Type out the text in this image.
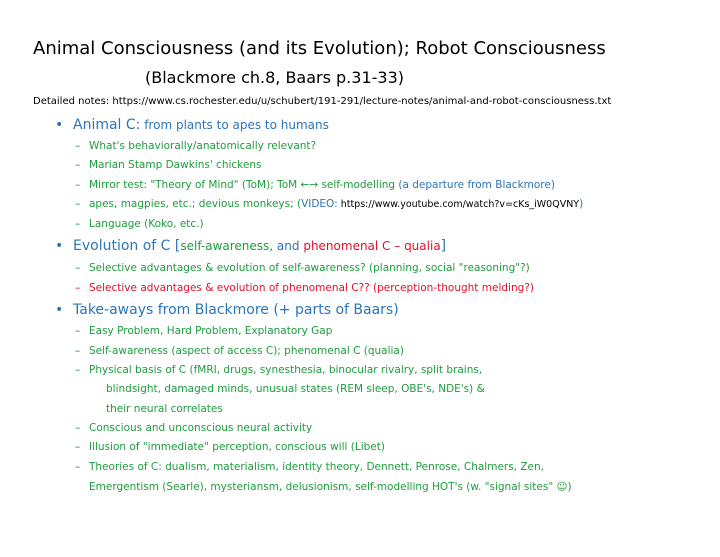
Animal Consciousness (and its Evolution); Robot Consciousness
(Blackmore ch.8, Baars p.31-33)
Detailed notes: https://www.cs.rochester.edu/u/schubert/191-291/lecture-notes/animal-and-robot-consciousness.txt
• Animal C: from plants to apes to humans
– What's behaviorally/anatomically relevant?
– Marian Stamp Dawkins' chickens
– Mirror test: "Theory of Mind" (ToM); ToM ←→ self-modelling (a departure from Blackmore)
– apes, magpies, etc.; devious monkeys; (VIDEO: https://www.youtube.com/watch?v=cKs_iW0QVNY)
– Language (Koko, etc.)
• Evolution of C [self-awareness, and phenomenal C – qualia]
– Selective advantages & evolution of self-awareness? (planning, social "reasoning"?)
– Selective advantages & evolution of phenomenal C?? (perception-thought melding?)
• Take-aways from Blackmore (+ parts of Baars)
– Easy Problem, Hard Problem, Explanatory Gap
– Self-awareness (aspect of access C); phenomenal C (qualia)
– Physical basis of C (fMRI, drugs, synesthesia, binocular rivalry, split brains,
blindsight, damaged minds, unusual states (REM sleep, OBE's, NDE's) &
their neural correlates
– Conscious and unconscious neural activity
– Illusion of "immediate" perception, conscious will (Libet)
– Theories of C: dualism, materialism, identity theory, Dennett, Penrose, Chalmers, Zen,
Emergentism (Searle), mysteriansm, delusionism, self-modelling HOT's (w. "signal sites" ☺)
